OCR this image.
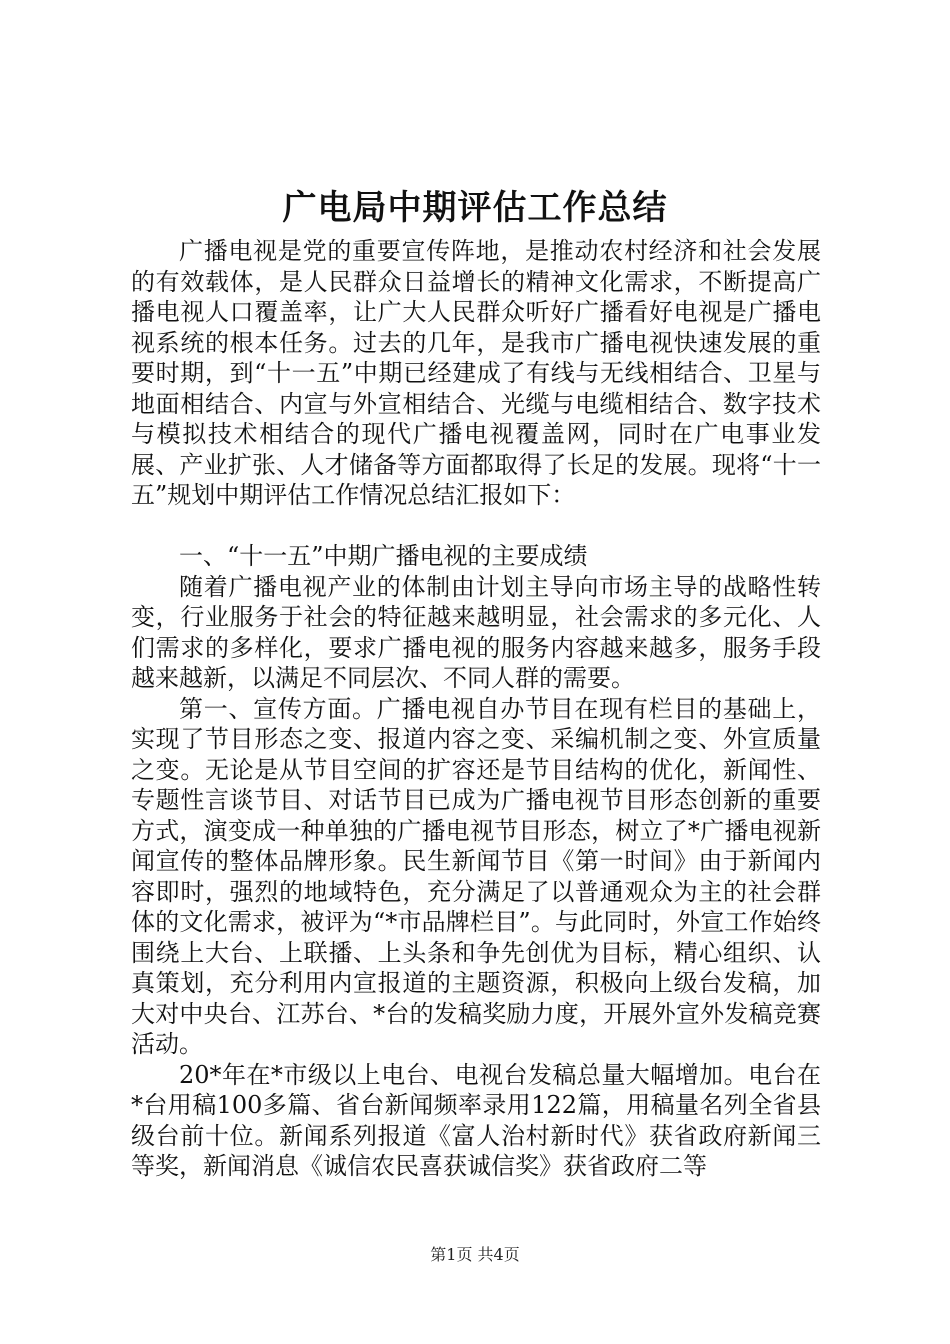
广电局中期评估工作总结

广播电视是党的重要宣传阵地，是推动农村经济和社会发展的有效载体，是人民群众日益增长的精神文化需求，不断提高广播电视人口覆盖率，让广大人民群众听好广播看好电视是广播电视系统的根本任务。过去的几年，是我市广播电视快速发展的重要时期，到“十一五”中期已经建成了有线与无线相结合、卫星与地面相结合、内宣与外宣相结合、光缆与电缆相结合、数字技术与模拟技术相结合的现代广播电视覆盖网，同时在广电事业发展、产业扩张、人才储备等方面都取得了长足的发展。现将“十一五”规划中期评估工作情况总结汇报如下：

一、“十一五”中期广播电视的主要成绩

随着广播电视产业的体制由计划主导向市场主导的战略性转变，行业服务于社会的特征越来越明显，社会需求的多元化、人们需求的多样化，要求广播电视的服务内容越来越多，服务手段越来越新，以满足不同层次、不同人群的需要。

第一、宣传方面。广播电视自办节目在现有栏目的基础上，实现了节目形态之变、报道内容之变、采编机制之变、外宣质量之变。无论是从节目空间的扩容还是节目结构的优化，新闻性、专题性言谈节目、对话节目已成为广播电视节目形态创新的重要方式，演变成一种单独的广播电视节目形态，树立了*广播电视新闻宣传的整体品牌形象。民生新闻节目《第一时间》由于新闻内容即时，强烈的地域特色，充分满足了以普通观众为主的社会群体的文化需求，被评为“*市品牌栏目”。与此同时，外宣工作始终围绕上大台、上联播、上头条和争先创优为目标，精心组织、认真策划，充分利用内宣报道的主题资源，积极向上级台发稿，加大对中央台、江苏台、*台的发稿奖励力度，开展外宣外发稿竞赛活动。

20*年在*市级以上电台、电视台发稿总量大幅增加。电台在*台用稿100多篇、省台新闻频率录用122篇，用稿量名列全省县级台前十位。新闻系列报道《富人治村新时代》获省政府新闻三等奖，新闻消息《诚信农民喜获诚信奖》获省政府二等

第1页 共4页
